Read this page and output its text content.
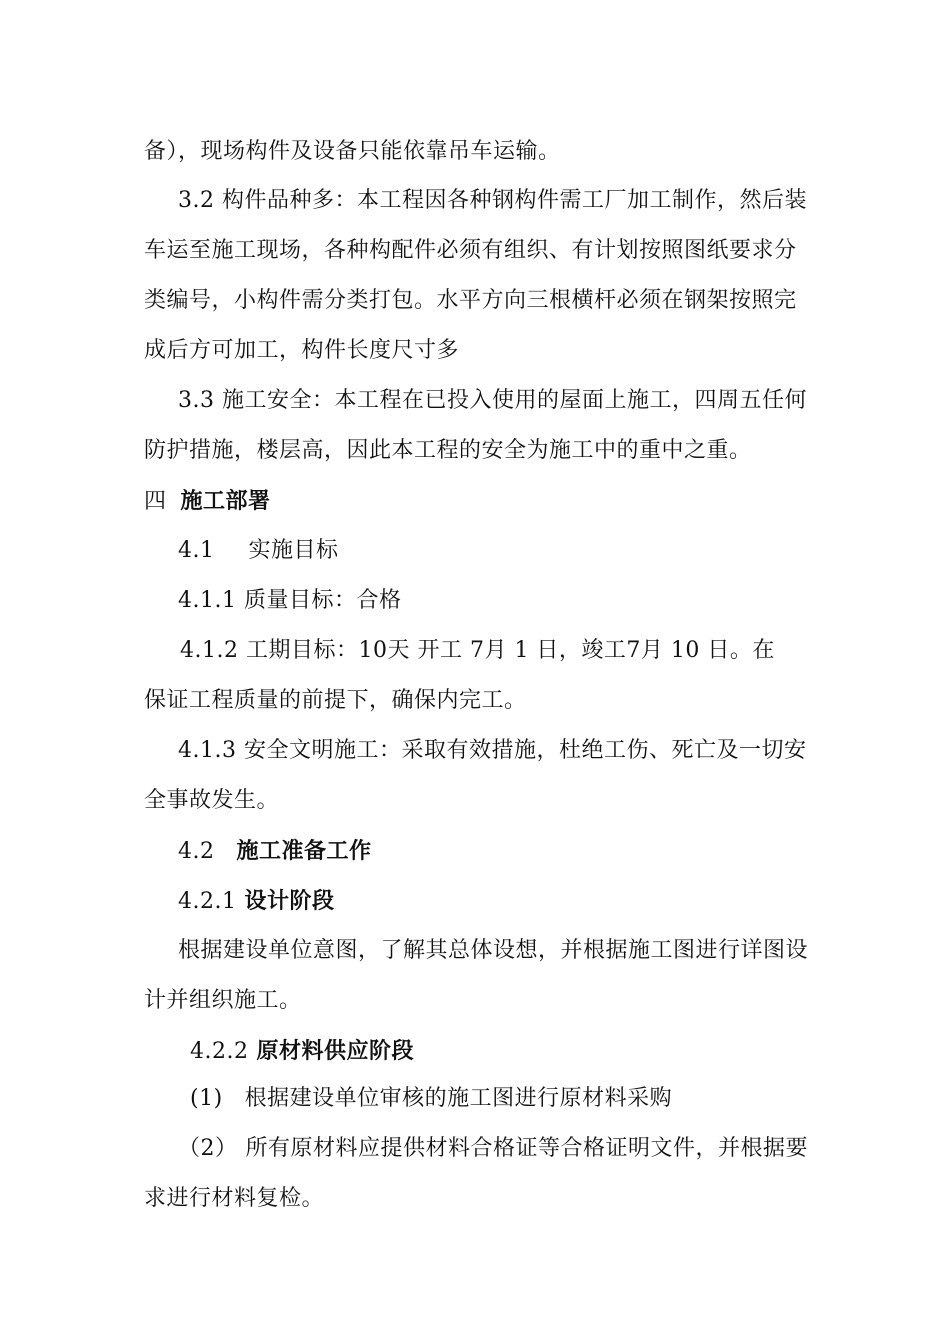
备），现场构件及设备只能依靠吊车运输。
3.2 构件品种多：本工程因各种钢构件需工厂加工制作，然后装
车运至施工现场，各种构配件必须有组织、有计划按照图纸要求分
类编号，小构件需分类打包。水平方向三根横杆必须在钢架按照完
成后方可加工，构件长度尺寸多
3.3 施工安全：本工程在已投入使用的屋面上施工，四周五任何
防护措施，楼层高，因此本工程的安全为施工中的重中之重。
四 施工部署
4.1 实施目标
4.1.1 质量目标：合格
4.1.2 工期目标：10天 开工 7月 1 日，竣工7月 10 日。在
保证工程质量的前提下，确保内完工。
4.1.3 安全文明施工：采取有效措施，杜绝工伤、死亡及一切安
全事故发生。
4.2 施工准备工作
4.2.1 设计阶段
根据建设单位意图，了解其总体设想，并根据施工图进行详图设
计并组织施工。
4.2.2 原材料供应阶段
(1) 根据建设单位审核的施工图进行原材料采购
（2） 所有原材料应提供材料合格证等合格证明文件，并根据要
求进行材料复检。
